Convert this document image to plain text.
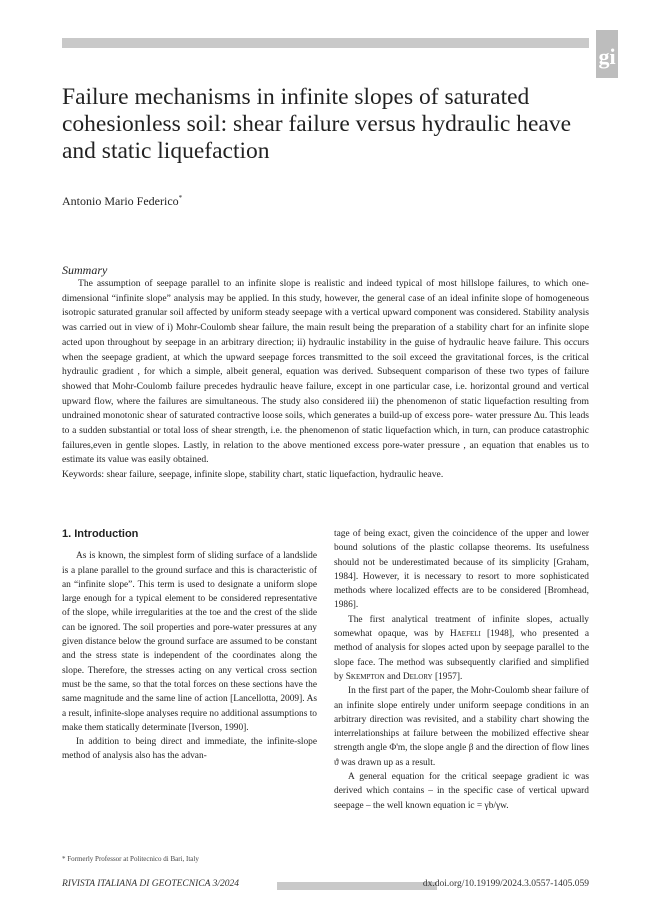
gi
Failure mechanisms in infinite slopes of saturated cohesionless soil: shear failure versus hydraulic heave and static liquefaction
Antonio Mario Federico*
Summary

The assumption of seepage parallel to an infinite slope is realistic and indeed typical of most hillslope failures, to which one-dimensional “infinite slope” analysis may be applied. In this study, however, the general case of an ideal infinite slope of homogeneous isotropic saturated granular soil affected by uniform steady seepage with a vertical upward component was considered. Stability analysis was carried out in view of i) Mohr-Coulomb shear failure, the main result being the preparation of a stability chart for an infinite slope acted upon throughout by seepage in an arbitrary direction; ii) hydraulic instability in the guise of hydraulic heave failure. This occurs when the seepage gradient, at which the upward seepage forces transmitted to the soil exceed the gravitational forces, is the critical hydraulic gradient , for which a simple, albeit general, equation was derived. Subsequent comparison of these two types of failure showed that Mohr-Coulomb failure precedes hydraulic heave failure, except in one particular case, i.e. horizontal ground and vertical upward flow, where the failures are simultaneous. The study also considered iii) the phenomenon of static liquefaction resulting from undrained monotonic shear of saturated contractive loose soils, which generates a build-up of excess pore- water pressure Δu. This leads to a sudden substantial or total loss of shear strength, i.e. the phenomenon of static liquefaction which, in turn, can produce catastrophic failures,even in gentle slopes. Lastly, in relation to the above mentioned excess pore-water pressure , an equation that enables us to estimate its value was easily obtained.

Keywords: shear failure, seepage, infinite slope, stability chart, static liquefaction, hydraulic heave.

1. Introduction

As is known, the simplest form of sliding surface of a landslide is a plane parallel to the ground surface and this is characteristic of an “infinite slope”. This term is used to designate a uniform slope large enough for a typical element to be considered representative of the slope, while irregularities at the toe and the crest of the slide can be ignored. The soil properties and pore-water pressures at any given distance below the ground surface are assumed to be constant and the stress state is independent of the coordinates along the slope. Therefore, the stresses acting on any vertical cross section must be the same, so that the total forces on these sections have the same magnitude and the same line of action [Lancellotta, 2009]. As a result, infinite-slope analyses require no additional assumptions to make them statically determinate [Iverson, 1990].

In addition to being direct and immediate, the infinite-slope method of analysis also has the advan-

tage of being exact, given the coincidence of the upper and lower bound solutions of the plastic collapse theorems. Its usefulness should not be underestimated because of its simplicity [Graham, 1984]. However, it is necessary to resort to more sophisticated methods where localized effects are to be considered [Bromhead, 1986].

The first analytical treatment of infinite slopes, actually somewhat opaque, was by Haefeli [1948], who presented a method of analysis for slopes acted upon by seepage parallel to the slope face. The method was subsequently clarified and simplified by Skempton and Delory [1957].

In the first part of the paper, the Mohr-Coulomb shear failure of an infinite slope entirely under uniform seepage conditions in an arbitrary direction was revisited, and a stability chart showing the interrelationships at failure between the mobilized effective shear strength angle Φ'm, the slope angle β and the direction of flow lines ϑ was drawn up as a result.

A general equation for the critical seepage gradient ic was derived which contains – in the specific case of vertical upward seepage – the well known equation ic = γb/γw.

* Formerly Professor at Politecnico di Bari, Italy
RIVISTA ITALIANA DI GEOTECNICA 3/2024	dx.doi.org/10.19199/2024.3.0557-1405.059
